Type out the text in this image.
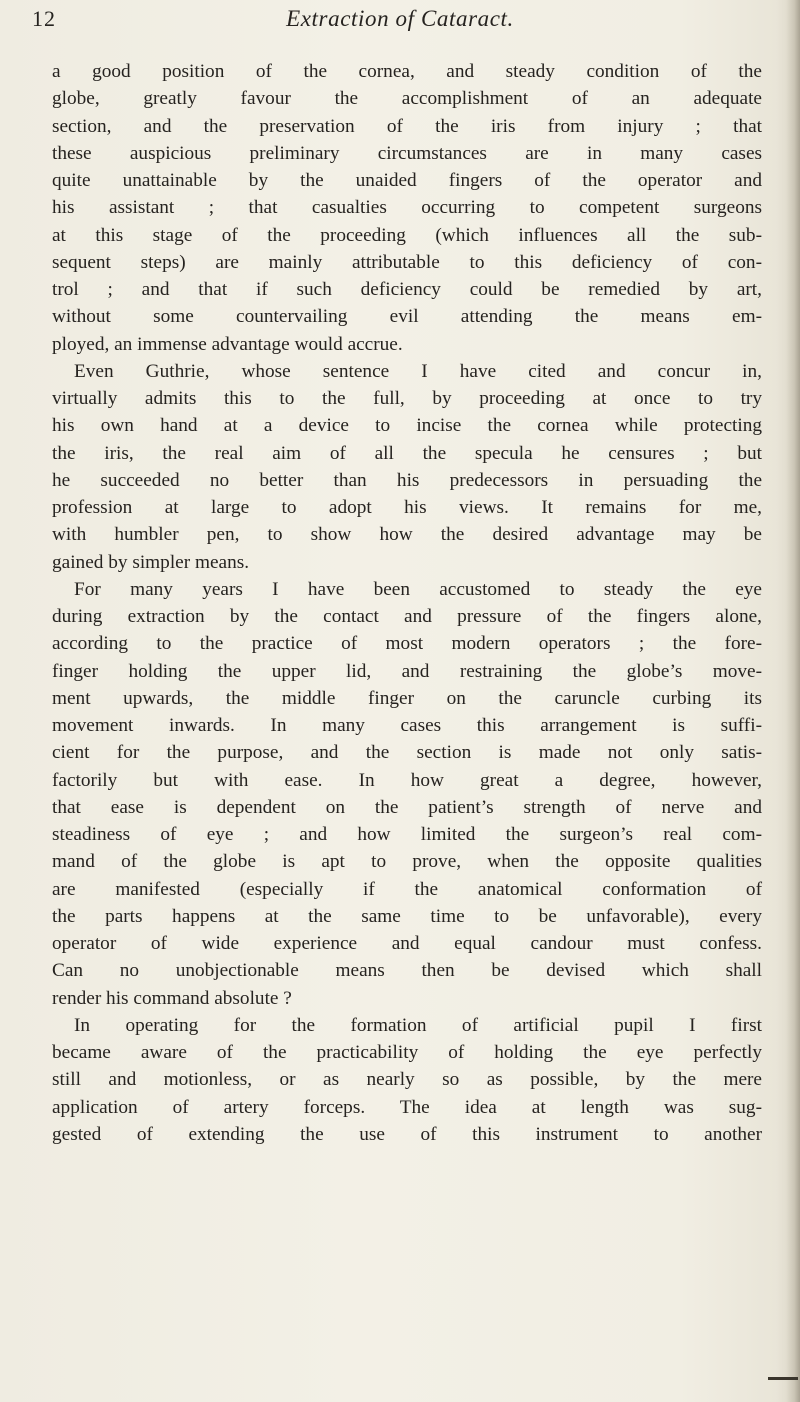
12	Extraction of Cataract.
a good position of the cornea, and steady condition of the
globe, greatly favour the accomplishment of an adequate
section, and the preservation of the iris from injury ; that
these auspicious preliminary circumstances are in many cases
quite unattainable by the unaided fingers of the operator and
his assistant ; that casualties occurring to competent surgeons
at this stage of the proceeding (which influences all the sub-
sequent steps) are mainly attributable to this deficiency of con-
trol ; and that if such deficiency could be remedied by art,
without some countervailing evil attending the means em-
ployed, an immense advantage would accrue.
Even Guthrie, whose sentence I have cited and concur in,
virtually admits this to the full, by proceeding at once to try
his own hand at a device to incise the cornea while protecting
the iris, the real aim of all the specula he censures ; but
he succeeded no better than his predecessors in persuading the
profession at large to adopt his views. It remains for me,
with humbler pen, to show how the desired advantage may be
gained by simpler means.
For many years I have been accustomed to steady the eye
during extraction by the contact and pressure of the fingers alone,
according to the practice of most modern operators ; the fore-
finger holding the upper lid, and restraining the globe’s move-
ment upwards, the middle finger on the caruncle curbing its
movement inwards. In many cases this arrangement is suffi-
cient for the purpose, and the section is made not only satis-
factorily but with ease. In how great a degree, however,
that ease is dependent on the patient’s strength of nerve and
steadiness of eye ; and how limited the surgeon’s real com-
mand of the globe is apt to prove, when the opposite qualities
are manifested (especially if the anatomical conformation of
the parts happens at the same time to be unfavorable), every
operator of wide experience and equal candour must confess.
Can no unobjectionable means then be devised which shall
render his command absolute ?
In operating for the formation of artificial pupil I first
became aware of the practicability of holding the eye perfectly
still and motionless, or as nearly so as possible, by the mere
application of artery forceps. The idea at length was sug-
gested of extending the use of this instrument to another
